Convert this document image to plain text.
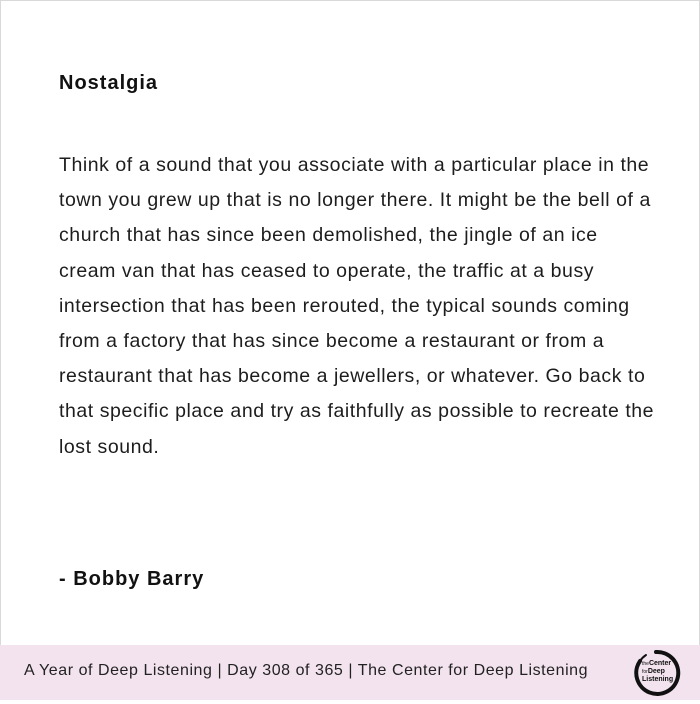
Nostalgia

Think of a sound that you associate with a particular place in the town you grew up that is no longer there. It might be the bell of a church that has since been demolished, the jingle of an ice cream van that has ceased to operate, the traffic at a busy intersection that has been rerouted, the typical sounds coming from a factory that has since become a restaurant or from a restaurant that has become a jewellers, or whatever. Go back to that specific place and try as faithfully as possible to recreate the lost sound.

- Bobby Barry

A Year of Deep Listening | Day 308 of 365 | The Center for Deep Listening	theCenter
forDeep
Listening
